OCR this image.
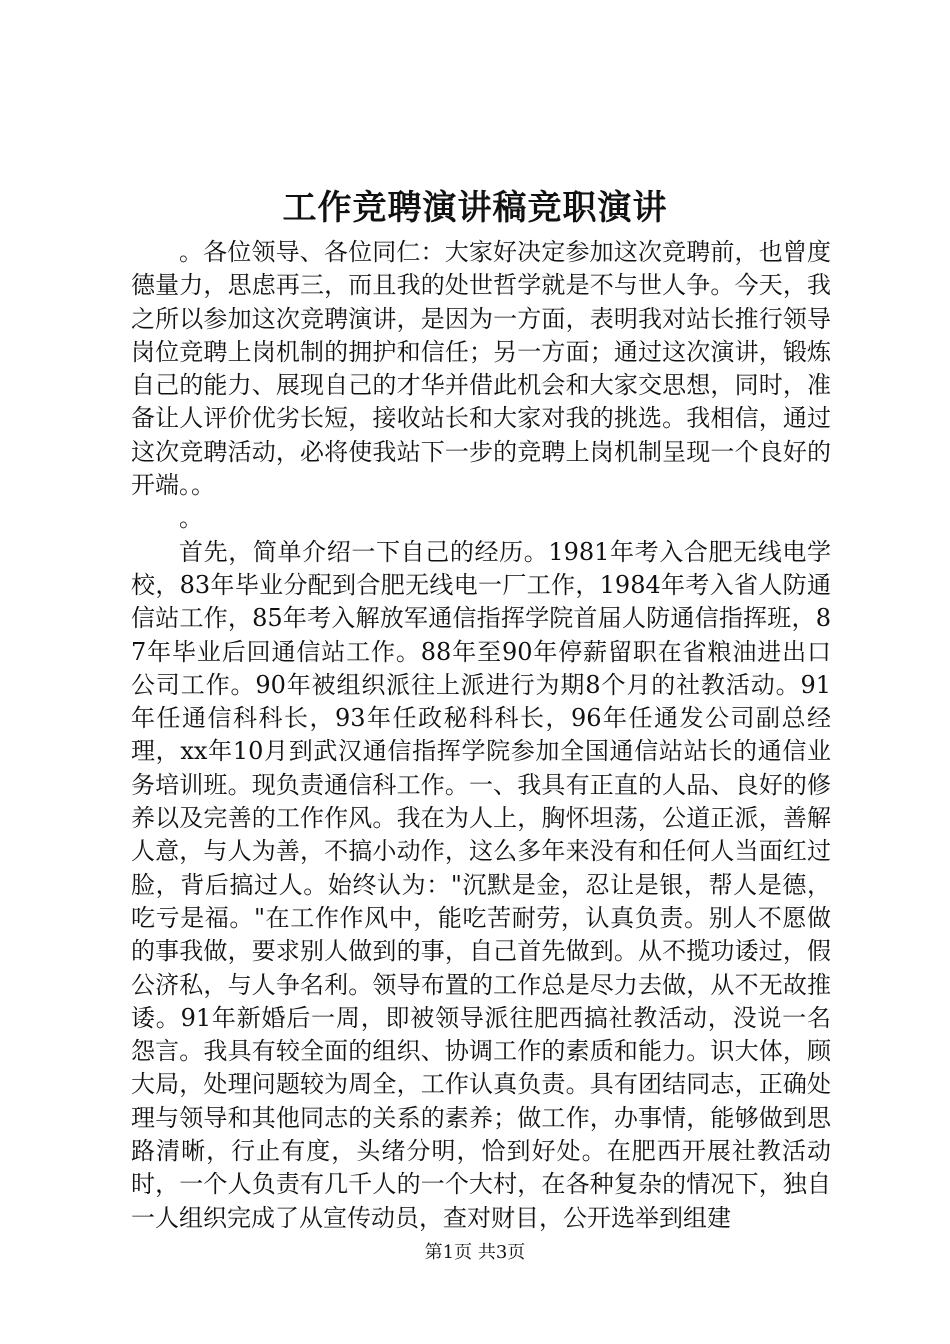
工作竞聘演讲稿竞职演讲

。各位领导、各位同仁：大家好决定参加这次竞聘前，也曾度德量力，思虑再三，而且我的处世哲学就是不与世人争。今天，我之所以参加这次竞聘演讲，是因为一方面，表明我对站长推行领导岗位竞聘上岗机制的拥护和信任；另一方面；通过这次演讲，锻炼自己的能力、展现自己的才华并借此机会和大家交思想，同时，准备让人评价优劣长短，接收站长和大家对我的挑选。我相信，通过这次竞聘活动，必将使我站下一步的竞聘上岗机制呈现一个良好的开端。。

。

首先，简单介绍一下自己的经历。1981年考入合肥无线电学校，83年毕业分配到合肥无线电一厂工作，1984年考入省人防通信站工作，85年考入解放军通信指挥学院首届人防通信指挥班，87年毕业后回通信站工作。88年至90年停薪留职在省粮油进出口公司工作。90年被组织派往上派进行为期8个月的社教活动。91年任通信科科长，93年任政秘科科长，96年任通发公司副总经理，xx年10月到武汉通信指挥学院参加全国通信站站长的通信业务培训班。现负责通信科工作。一、我具有正直的人品、良好的修养以及完善的工作作风。我在为人上，胸怀坦荡，公道正派，善解人意，与人为善，不搞小动作，这么多年来没有和任何人当面红过脸，背后搞过人。始终认为："沉默是金，忍让是银，帮人是德，吃亏是福。"在工作作风中，能吃苦耐劳，认真负责。别人不愿做的事我做，要求别人做到的事，自己首先做到。从不揽功诿过，假公济私，与人争名利。领导布置的工作总是尽力去做，从不无故推诿。91年新婚后一周，即被领导派往肥西搞社教活动，没说一名怨言。我具有较全面的组织、协调工作的素质和能力。识大体，顾大局，处理问题较为周全，工作认真负责。具有团结同志，正确处理与领导和其他同志的关系的素养；做工作，办事情，能够做到思路清晰，行止有度，头绪分明，恰到好处。在肥西开展社教活动时，一个人负责有几千人的一个大村，在各种复杂的情况下，独自一人组织完成了从宣传动员，查对财目，公开选举到组建

第1页 共3页
